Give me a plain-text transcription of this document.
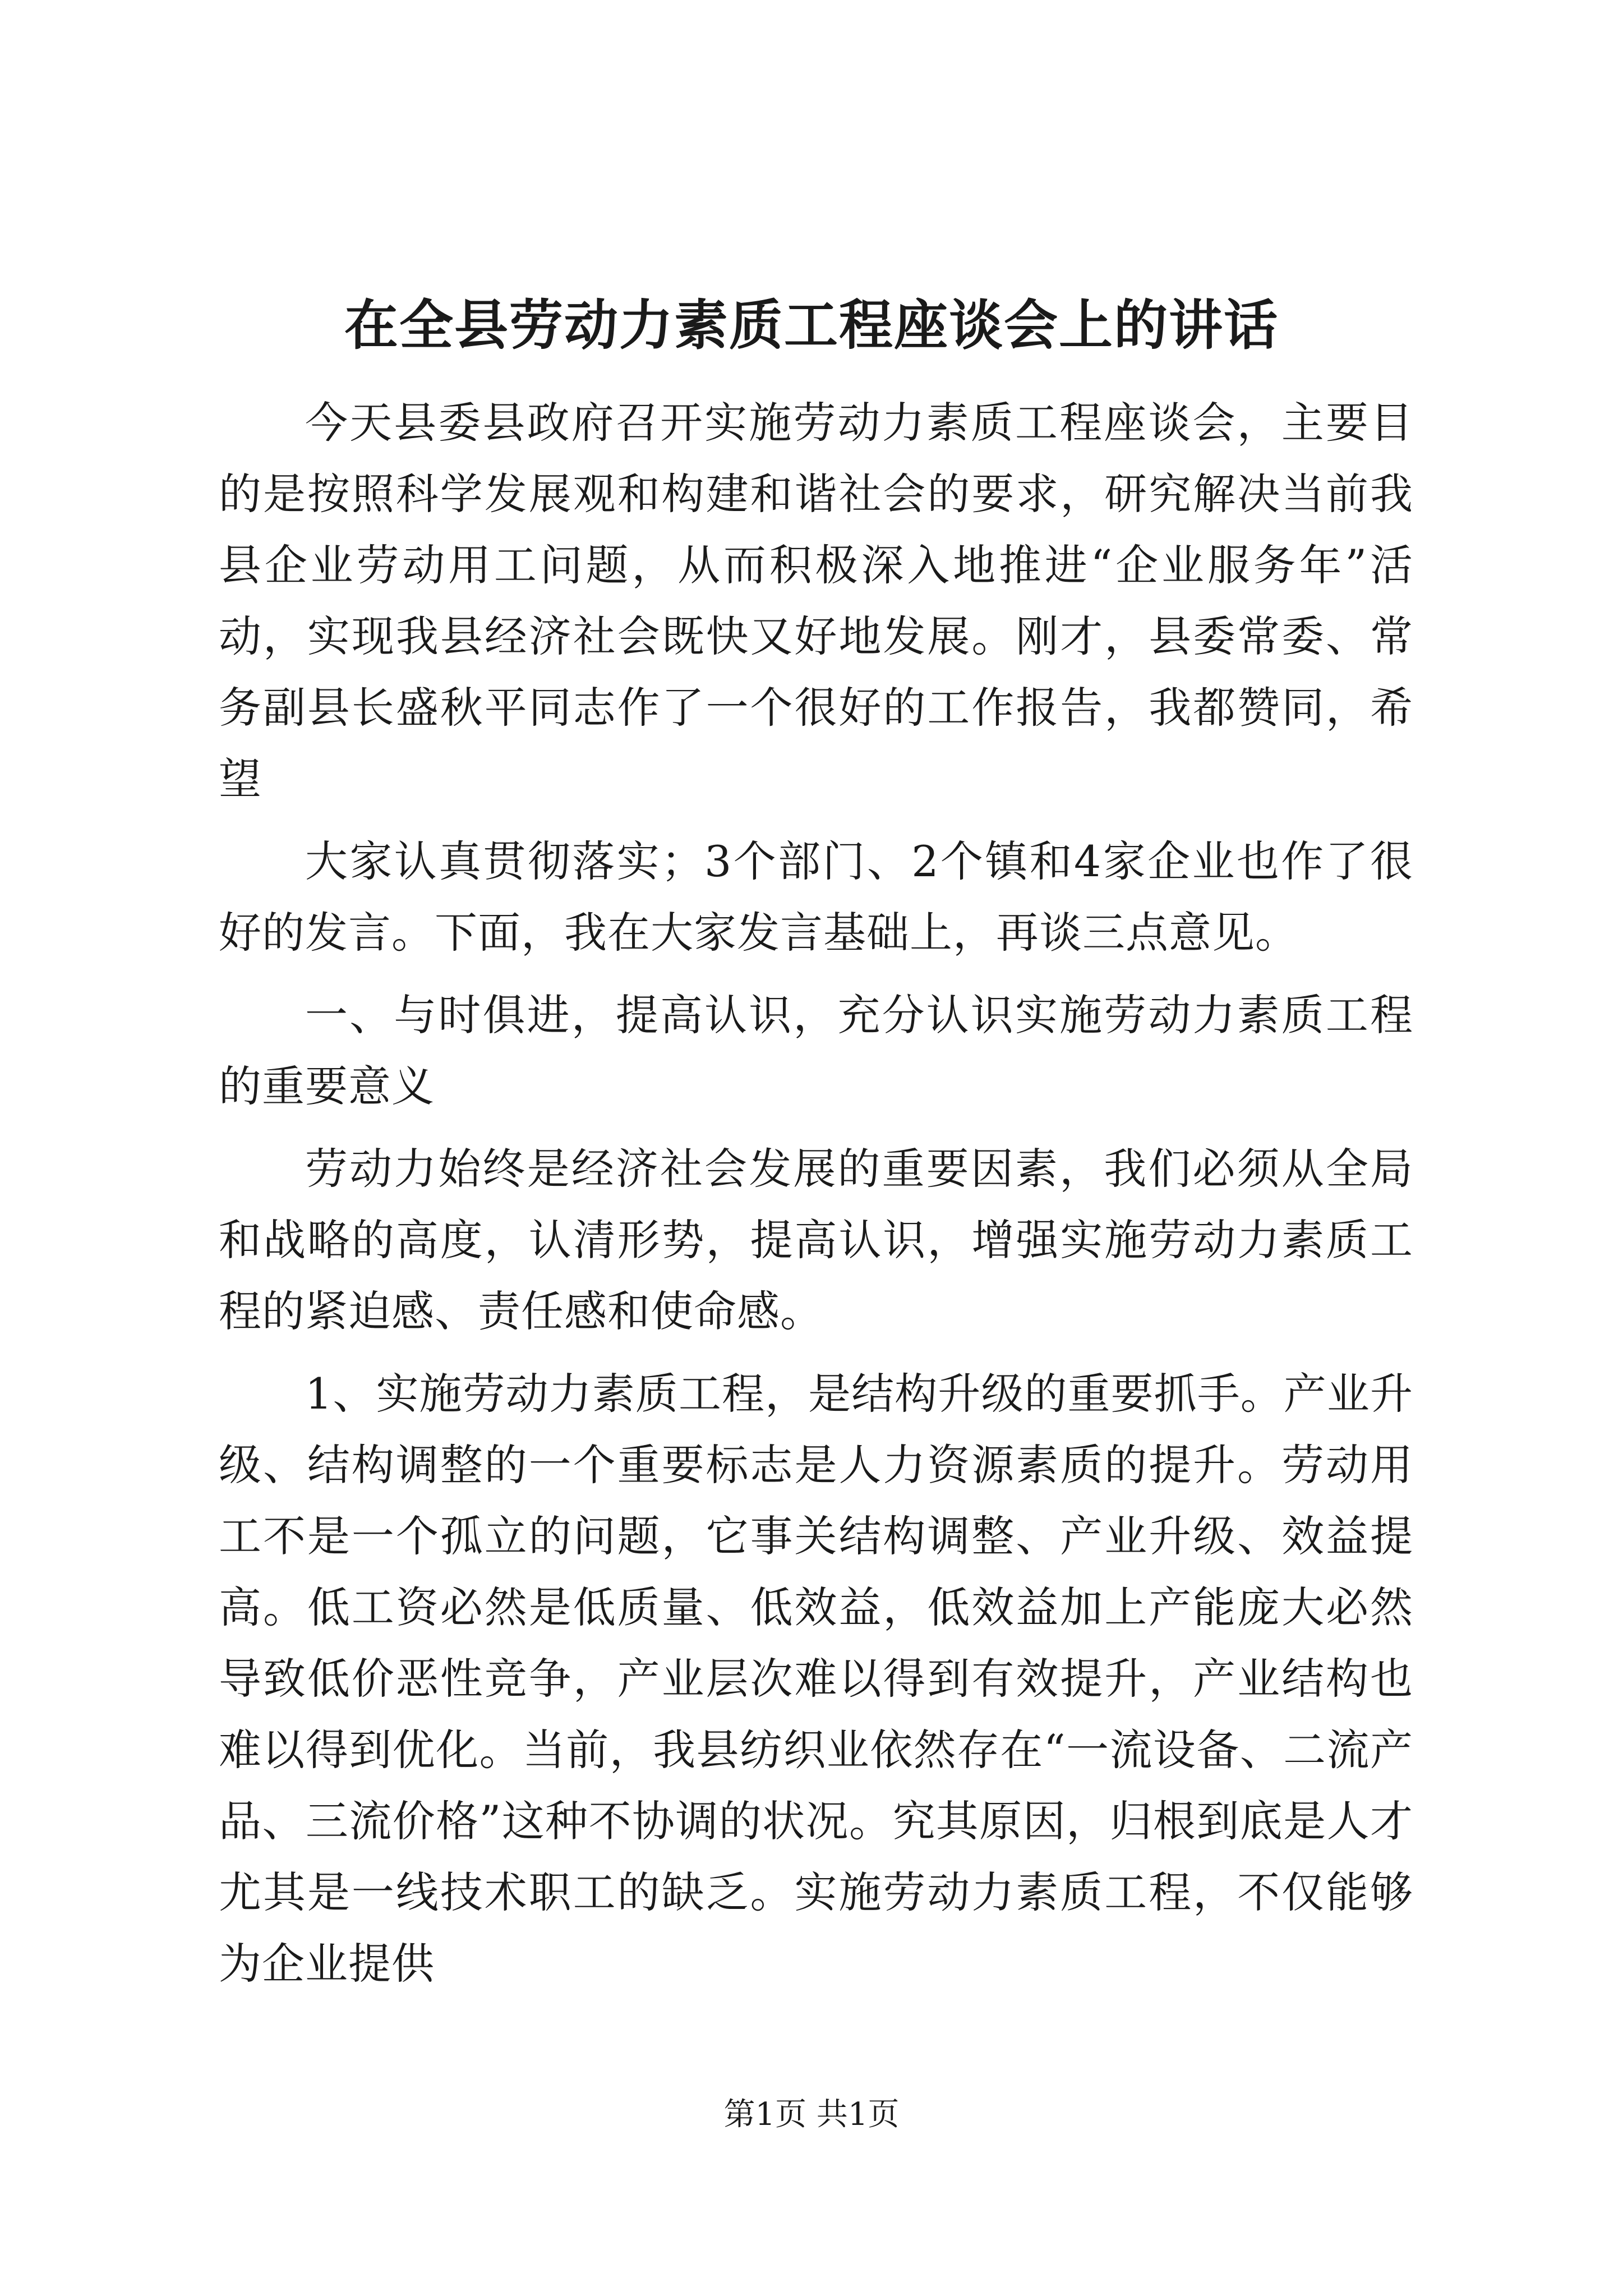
在全县劳动力素质工程座谈会上的讲话

今天县委县政府召开实施劳动力素质工程座谈会，主要目的是按照科学发展观和构建和谐社会的要求，研究解决当前我县企业劳动用工问题，从而积极深入地推进“企业服务年”活动，实现我县经济社会既快又好地发展。刚才，县委常委、常务副县长盛秋平同志作了一个很好的工作报告，我都赞同，希望

大家认真贯彻落实；3个部门、2个镇和4家企业也作了很好的发言。下面，我在大家发言基础上，再谈三点意见。

一、与时俱进，提高认识，充分认识实施劳动力素质工程的重要意义

劳动力始终是经济社会发展的重要因素，我们必须从全局和战略的高度，认清形势，提高认识，增强实施劳动力素质工程的紧迫感、责任感和使命感。

1、实施劳动力素质工程，是结构升级的重要抓手。产业升级、结构调整的一个重要标志是人力资源素质的提升。劳动用工不是一个孤立的问题，它事关结构调整、产业升级、效益提高。低工资必然是低质量、低效益，低效益加上产能庞大必然导致低价恶性竞争，产业层次难以得到有效提升，产业结构也难以得到优化。当前，我县纺织业依然存在“一流设备、二流产品、三流价格”这种不协调的状况。究其原因，归根到底是人才尤其是一线技术职工的缺乏。实施劳动力素质工程，不仅能够为企业提供

第1页 共1页
